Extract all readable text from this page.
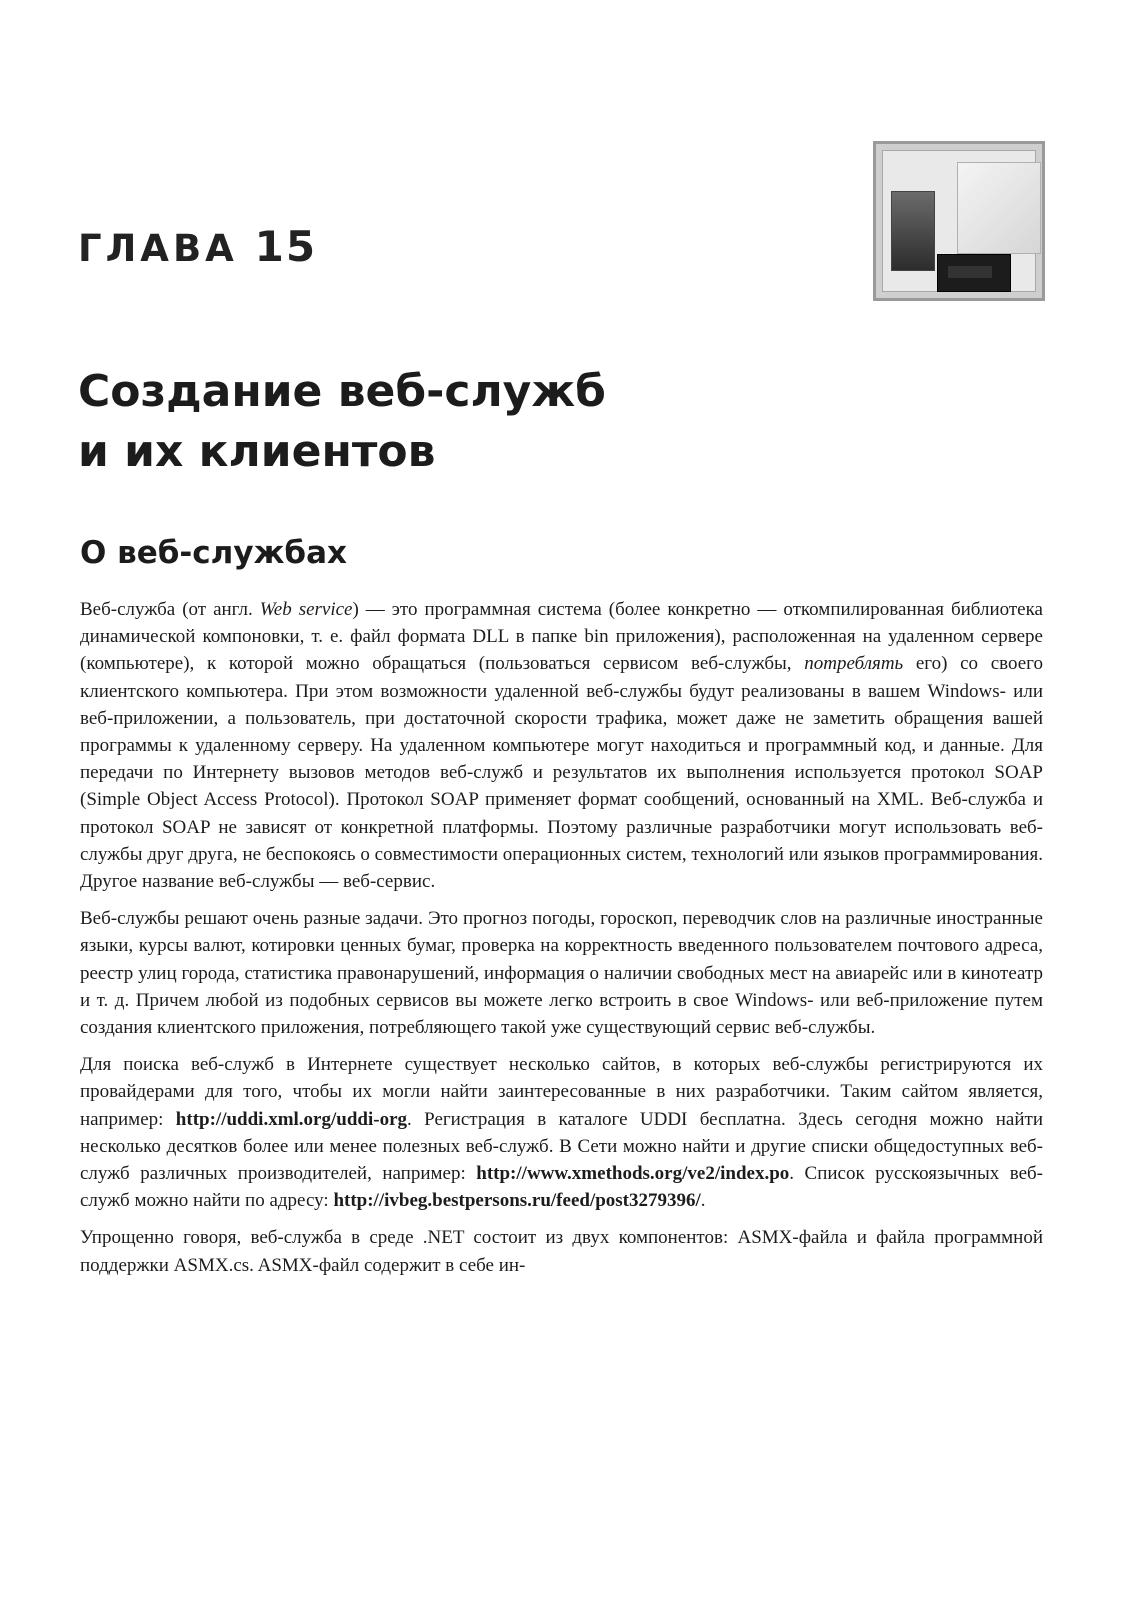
ГЛАВА 15
Создание веб-служб
и их клиентов
О веб-службах

Веб-служба (от англ. Web service) — это программная система (более конкретно — откомпилированная библиотека динамической компоновки, т. е. файл формата DLL в папке bin приложения), расположенная на удаленном сервере (компьютере), к которой можно обращаться (пользоваться сервисом веб-службы, потреблять его) со своего клиентского компьютера. При этом возможности удаленной веб-службы будут реализованы в вашем Windows- или веб-приложении, а пользователь, при достаточной скорости трафика, может даже не заметить обращения вашей программы к удаленному серверу. На удаленном компьютере могут находиться и программный код, и данные. Для передачи по Интернету вызовов методов веб-служб и результатов их выполнения используется протокол SOAP (Simple Object Access Protocol). Протокол SOAP применяет формат сообщений, основанный на XML. Веб-служба и протокол SOAP не зависят от конкретной платформы. Поэтому различные разработчики могут использовать веб-службы друг друга, не беспокоясь о совместимости операционных систем, технологий или языков программирования. Другое название веб-службы — веб-сервис.

Веб-службы решают очень разные задачи. Это прогноз погоды, гороскоп, переводчик слов на различные иностранные языки, курсы валют, котировки ценных бумаг, проверка на корректность введенного пользователем почтового адреса, реестр улиц города, статистика правонарушений, информация о наличии свободных мест на авиарейс или в кинотеатр и т. д. Причем любой из подобных сервисов вы можете легко встроить в свое Windows- или веб-приложение путем создания клиентского приложения, потребляющего такой уже существующий сервис веб-службы.

Для поиска веб-служб в Интернете существует несколько сайтов, в которых веб-службы регистрируются их провайдерами для того, чтобы их могли найти заинтересованные в них разработчики. Таким сайтом является, например: http://uddi.xml.org/uddi-org. Регистрация в каталоге UDDI бесплатна. Здесь сегодня можно найти несколько десятков более или менее полезных веб-служб. В Сети можно найти и другие списки общедоступных веб-служб различных производителей, например: http://www.xmethods.org/ve2/index.po. Список русскоязычных веб-служб можно найти по адресу: http://ivbeg.bestpersons.ru/feed/post3279396/.

Упрощенно говоря, веб-служба в среде .NET состоит из двух компонентов: ASMX-файла и файла программной поддержки ASMX.cs. ASMX-файл содержит в себе ин-
